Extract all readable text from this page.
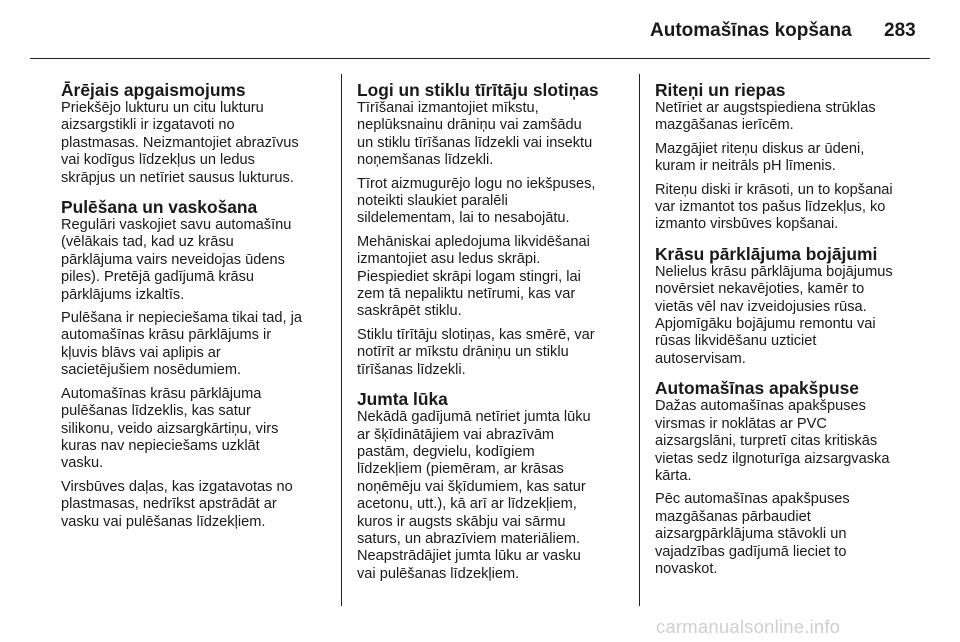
Automašīnas kopšana 283
Ārējais apgaismojums

Priekšējo lukturu un citu lukturu
aizsargstikli ir izgatavoti no
plastmasas. Neizmantojiet abrazīvus
vai kodīgus līdzekļus un ledus
skrāpjus un netīriet sausus lukturus.

Pulēšana un vaskošana

Regulāri vaskojiet savu automašīnu
(vēlākais tad, kad uz krāsu
pārklājuma vairs neveidojas ūdens
piles). Pretējā gadījumā krāsu
pārklājums izkaltīs.

Pulēšana ir nepieciešama tikai tad, ja
automašīnas krāsu pārklājums ir
kļuvis blāvs vai aplipis ar
sacietējušiem nosēdumiem.

Automašīnas krāsu pārklājuma
pulēšanas līdzeklis, kas satur
silikonu, veido aizsargkārtiņu, virs
kuras nav nepieciešams uzklāt
vasku.

Virsbūves daļas, kas izgatavotas no
plastmasas, nedrīkst apstrādāt ar
vasku vai pulēšanas līdzekļiem.

Logi un stiklu tīrītāju slotiņas

Tīrīšanai izmantojiet mīkstu,
neplūksnainu drāniņu vai zamšādu
un stiklu tīrīšanas līdzekli vai insektu
noņemšanas līdzekli.

Tīrot aizmugurējo logu no iekšpuses,
noteikti slaukiet paralēli
sildelementam, lai to nesabojātu.

Mehāniskai apledojuma likvidēšanai
izmantojiet asu ledus skrāpi.
Piespiediet skrāpi logam stingri, lai
zem tā nepaliktu netīrumi, kas var
saskrāpēt stiklu.

Stiklu tīrītāju slotiņas, kas smērē, var
notīrīt ar mīkstu drāniņu un stiklu
tīrīšanas līdzekli.

Jumta lūka

Nekādā gadījumā netīriet jumta lūku
ar šķīdinātājiem vai abrazīvām
pastām, degvielu, kodīgiem
līdzekļiem (piemēram, ar krāsas
noņēmēju vai šķīdumiem, kas satur
acetonu, utt.), kā arī ar līdzekļiem,
kuros ir augsts skābju vai sārmu
saturs, un abrazīviem materiāliem.
Neapstrādājiet jumta lūku ar vasku
vai pulēšanas līdzekļiem.

Riteņi un riepas

Netīriet ar augstspiediena strūklas
mazgāšanas ierīcēm.

Mazgājiet riteņu diskus ar ūdeni,
kuram ir neitrāls pH līmenis.

Riteņu diski ir krāsoti, un to kopšanai
var izmantot tos pašus līdzekļus, ko
izmanto virsbūves kopšanai.

Krāsu pārklājuma bojājumi

Nelielus krāsu pārklājuma bojājumus
novērsiet nekavējoties, kamēr to
vietās vēl nav izveidojusies rūsa.
Apjomīgāku bojājumu remontu vai
rūsas likvidēšanu uzticiet
autoservisam.

Automašīnas apakšpuse

Dažas automašīnas apakšpuses
virsmas ir noklātas ar PVC
aizsargslāni, turpretī citas kritiskās
vietas sedz ilgnoturīga aizsargvaska
kārta.

Pēc automašīnas apakšpuses
mazgāšanas pārbaudiet
aizsargpārklājuma stāvokli un
vajadzības gadījumā lieciet to
novaskot.

carmanualsonline.info
